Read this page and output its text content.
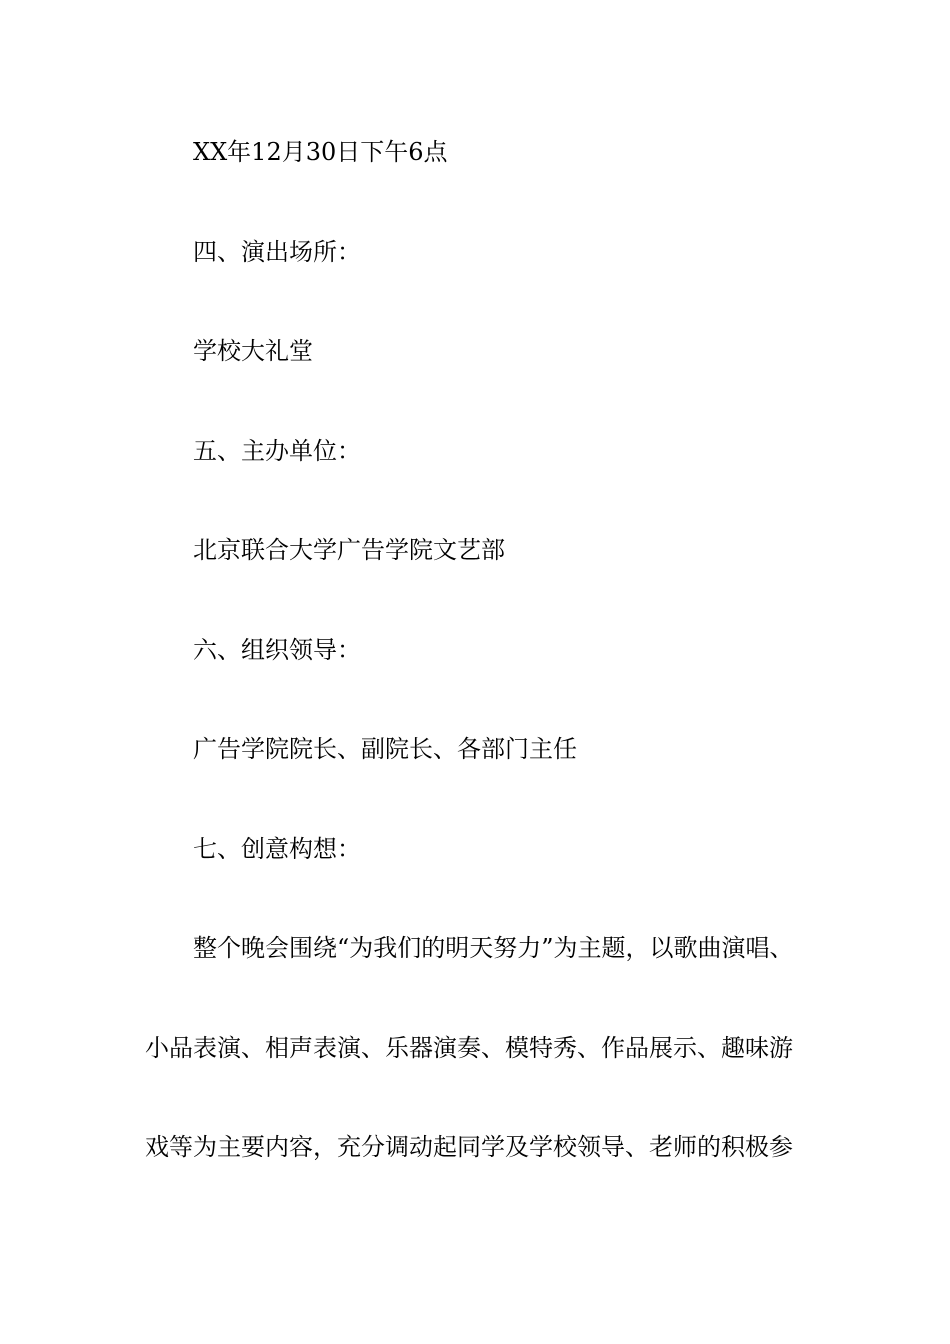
XX年12月30日下午6点
四、演出场所：
学校大礼堂
五、主办单位：
北京联合大学广告学院文艺部
六、组织领导：
广告学院院长、副院长、各部门主任
七、创意构想：
整个晚会围绕“为我们的明天努力”为主题，以歌曲演唱、
小品表演、相声表演、乐器演奏、模特秀、作品展示、趣味游
戏等为主要内容，充分调动起同学及学校领导、老师的积极参
